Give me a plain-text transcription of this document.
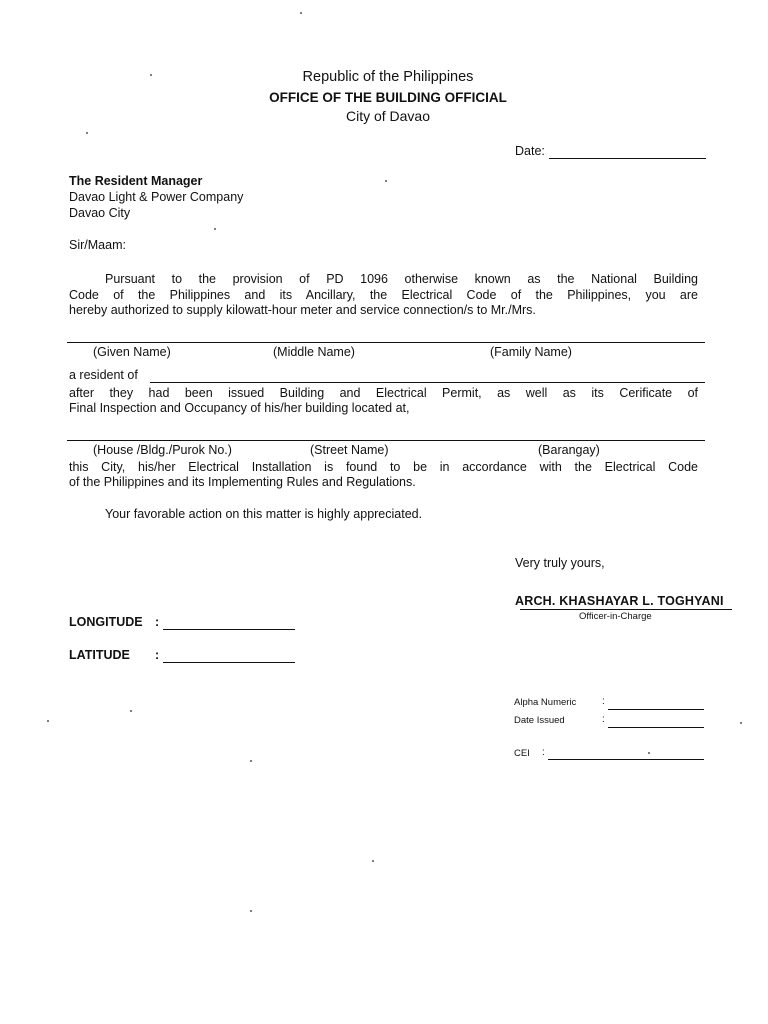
Republic of the Philippines
OFFICE OF THE BUILDING OFFICIAL
City of Davao
Date:
The Resident Manager
Davao Light & Power Company
Davao City
Sir/Maam:
Pursuant to the provision of PD 1096 otherwise known as the National Building
Code of the Philippines and its Ancillary, the Electrical Code of the Philippines, you are
hereby authorized to supply kilowatt-hour meter and service connection/s to Mr./Mrs.
(Given Name)	(Middle Name)	(Family Name)
a resident of
after they had been issued Building and Electrical Permit, as well as its Cerificate of
Final Inspection and Occupancy of his/her building located at,
(House /Bldg./Purok No.)	(Street Name)	(Barangay)
this City, his/her Electrical Installation is found to be in accordance with the Electrical Code
of the Philippines and its Implementing Rules and Regulations.
Your favorable action on this matter is highly appreciated.
Very truly yours,
ARCH. KHASHAYAR L. TOGHYANI
Officer-in-Charge
LONGITUDE :
LATITUDE :
Alpha Numeric	:
Date Issued	:
CEI :
